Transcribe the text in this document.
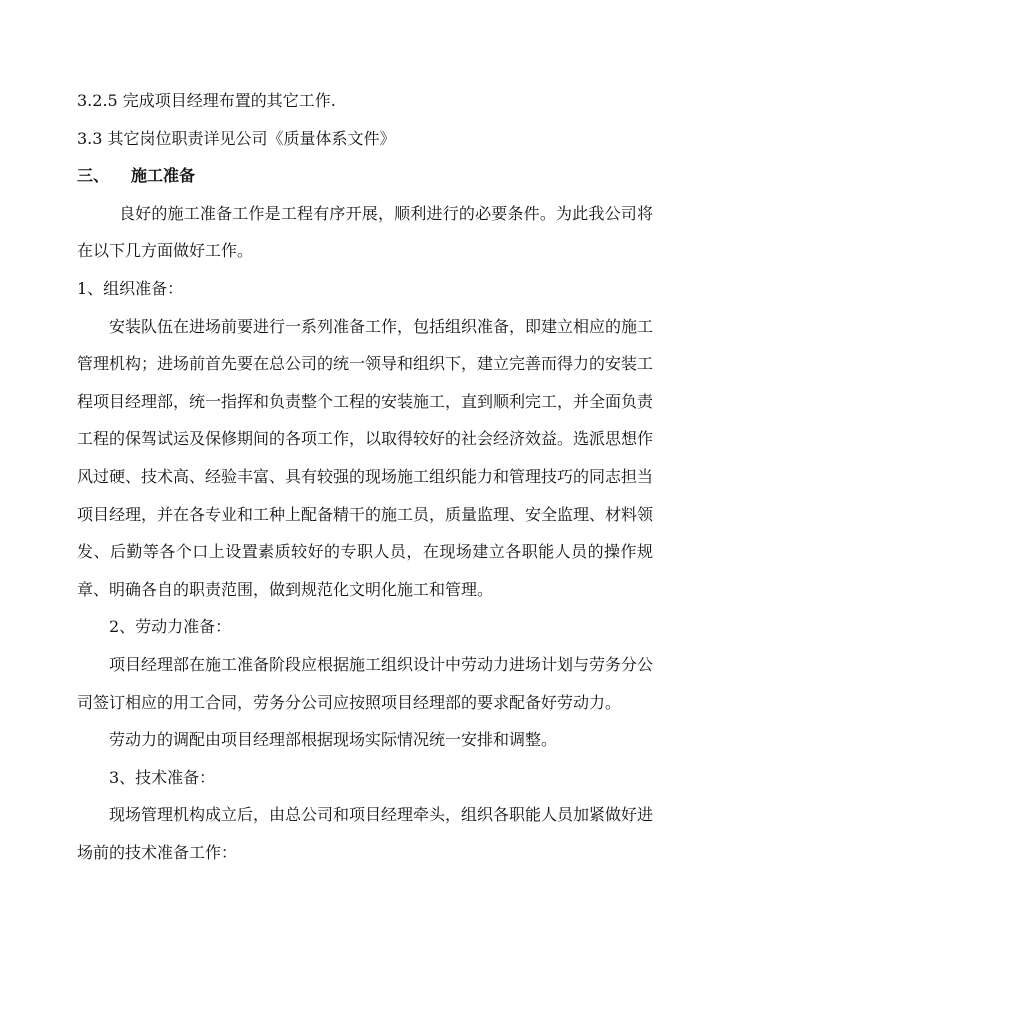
3.2.5 完成项目经理布置的其它工作.
3.3 其它岗位职责详见公司《质量体系文件》
三、 施工准备

良好的施工准备工作是工程有序开展，顺利进行的必要条件。为此我公司将在以下几方面做好工作。

1、组织准备：

安装队伍在进场前要进行一系列准备工作，包括组织准备，即建立相应的施工管理机构；进场前首先要在总公司的统一领导和组织下，建立完善而得力的安装工程项目经理部，统一指挥和负责整个工程的安装施工，直到顺利完工，并全面负责工程的保驾试运及保修期间的各项工作，以取得较好的社会经济效益。选派思想作风过硬、技术高、经验丰富、具有较强的现场施工组织能力和管理技巧的同志担当项目经理，并在各专业和工种上配备精干的施工员，质量监理、安全监理、材料领发、后勤等各个口上设置素质较好的专职人员，在现场建立各职能人员的操作规章、明确各自的职责范围，做到规范化文明化施工和管理。

2、劳动力准备：

项目经理部在施工准备阶段应根据施工组织设计中劳动力进场计划与劳务分公司签订相应的用工合同，劳务分公司应按照项目经理部的要求配备好劳动力。

劳动力的调配由项目经理部根据现场实际情况统一安排和调整。

3、技术准备：

现场管理机构成立后，由总公司和项目经理牵头，组织各职能人员加紧做好进场前的技术准备工作：
